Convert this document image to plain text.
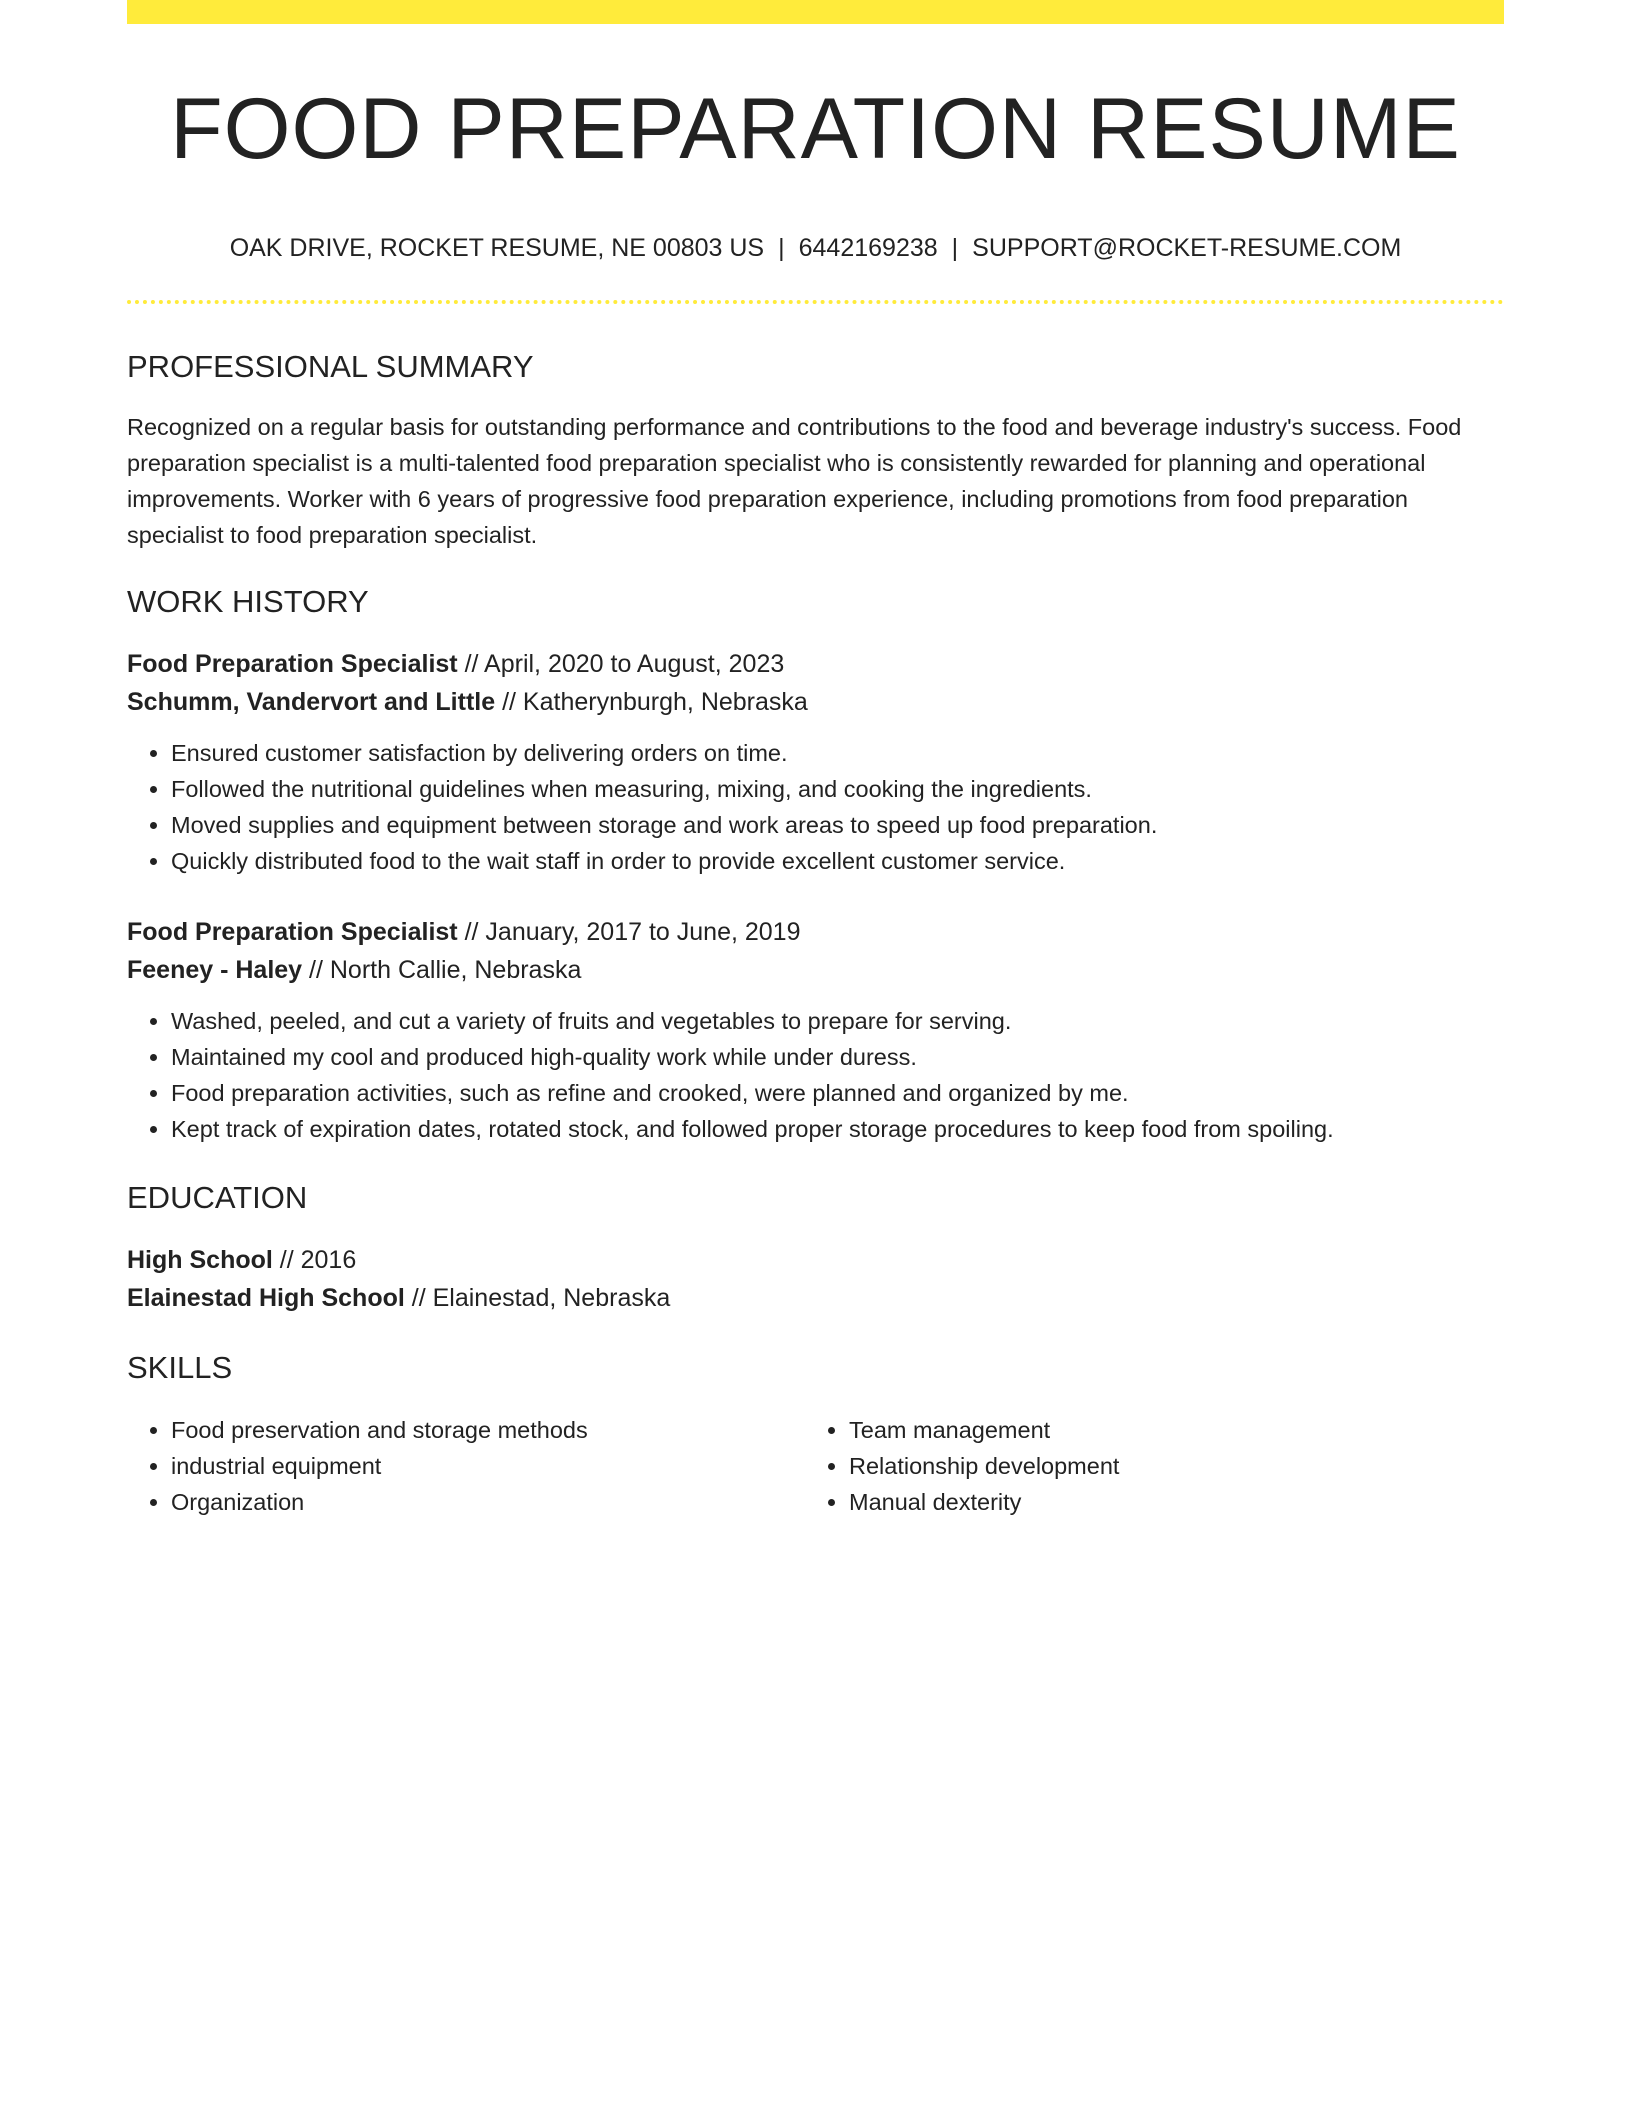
FOOD PREPARATION RESUME
OAK DRIVE, ROCKET RESUME, NE 00803 US | 6442169238 | SUPPORT@ROCKET-RESUME.COM
PROFESSIONAL SUMMARY

Recognized on a regular basis for outstanding performance and contributions to the food and beverage industry's success. Food preparation specialist is a multi-talented food preparation specialist who is consistently rewarded for planning and operational improvements. Worker with 6 years of progressive food preparation experience, including promotions from food preparation specialist to food preparation specialist.

WORK HISTORY
Food Preparation Specialist // April, 2020 to August, 2023
Schumm, Vandervort and Little // Katherynburgh, Nebraska
• Ensured customer satisfaction by delivering orders on time.
• Followed the nutritional guidelines when measuring, mixing, and cooking the ingredients.
• Moved supplies and equipment between storage and work areas to speed up food preparation.
• Quickly distributed food to the wait staff in order to provide excellent customer service.
Food Preparation Specialist // January, 2017 to June, 2019
Feeney - Haley // North Callie, Nebraska
• Washed, peeled, and cut a variety of fruits and vegetables to prepare for serving.
• Maintained my cool and produced high-quality work while under duress.
• Food preparation activities, such as refine and crooked, were planned and organized by me.
• Kept track of expiration dates, rotated stock, and followed proper storage procedures to keep food from spoiling.
EDUCATION
High School // 2016
Elainestad High School // Elainestad, Nebraska
SKILLS
• Food preservation and storage methods
• industrial equipment
• Organization
• Team management
• Relationship development
• Manual dexterity
